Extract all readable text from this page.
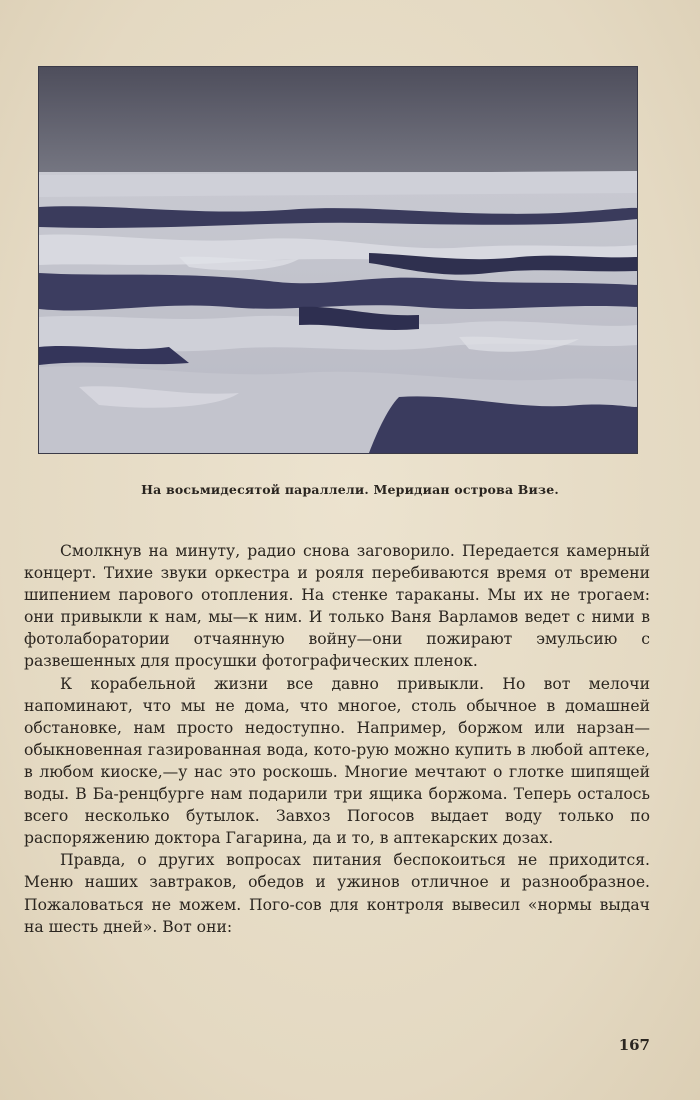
На восьмидесятой параллели. Меридиан острова Визе.

Смолкнув на минуту, радио снова заговорило. Передается камерный концерт. Тихие звуки оркестра и рояля перебиваются время от времени шипением парового отопления. На стенке тараканы. Мы их не трогаем: они привыкли к нам, мы—к ним. И только Ваня Варламов ведет с ними в фотолаборатории отчаянную войну—они пожирают эмульсию с развешенных для просушки фотографических пленок.

К корабельной жизни все давно привыкли. Но вот мелочи напоминают, что мы не дома, что многое, столь обычное в домашней обстановке, нам просто недоступно. Например, боржом или нарзан—обыкновенная газированная вода, кото-рую можно купить в любой аптеке, в любом киоске,—у нас это роскошь. Многие мечтают о глотке шипящей воды. В Ба-ренцбурге нам подарили три ящика боржома. Теперь осталось всего несколько бутылок. Завхоз Погосов выдает воду только по распоряжению доктора Гагарина, да и то, в аптекарских дозах.

Правда, о других вопросах питания беспокоиться не приходится. Меню наших завтраков, обедов и ужинов отличное и разнообразное. Пожаловаться не можем. Пого-сов для контроля вывесил «нормы выдач на шесть дней». Вот они:

167
